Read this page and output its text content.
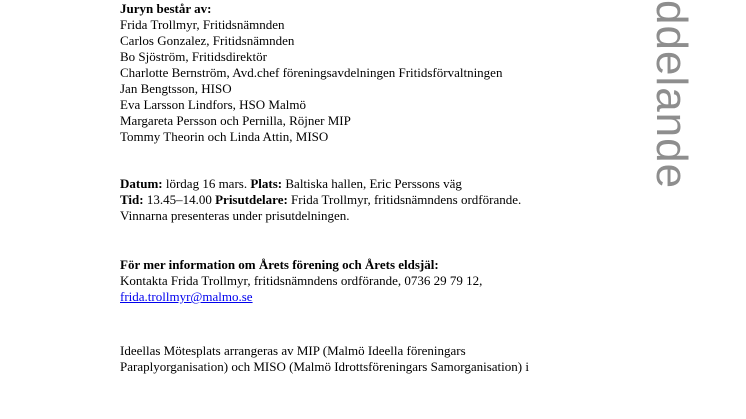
Juryn består av:
Frida Trollmyr, Fritidsnämnden
Carlos Gonzalez, Fritidsnämnden
Bo Sjöström, Fritidsdirektör
Charlotte Bernström, Avd.chef föreningsavdelningen Fritidsförvaltningen
Jan Bengtsson, HISO
Eva Larsson Lindfors, HSO Malmö
Margareta Persson och Pernilla, Röjner MIP
Tommy Theorin och Linda Attin, MISO
Datum: lördag 16 mars. Plats: Baltiska hallen, Eric Perssons väg
Tid: 13.45–14.00 Prisutdelare: Frida Trollmyr, fritidsnämndens ordförande.
Vinnarna presenteras under prisutdelningen.
För mer information om Årets förening och Årets eldsjäl:
Kontakta Frida Trollmyr, fritidsnämndens ordförande, 0736 29 79 12,
frida.trollmyr@malmo.se
Ideellas Mötesplats arrangeras av MIP (Malmö Ideella föreningars
Paraplyorganisation) och MISO (Malmö Idrottsföreningars Samorganisation) i
ddelande
